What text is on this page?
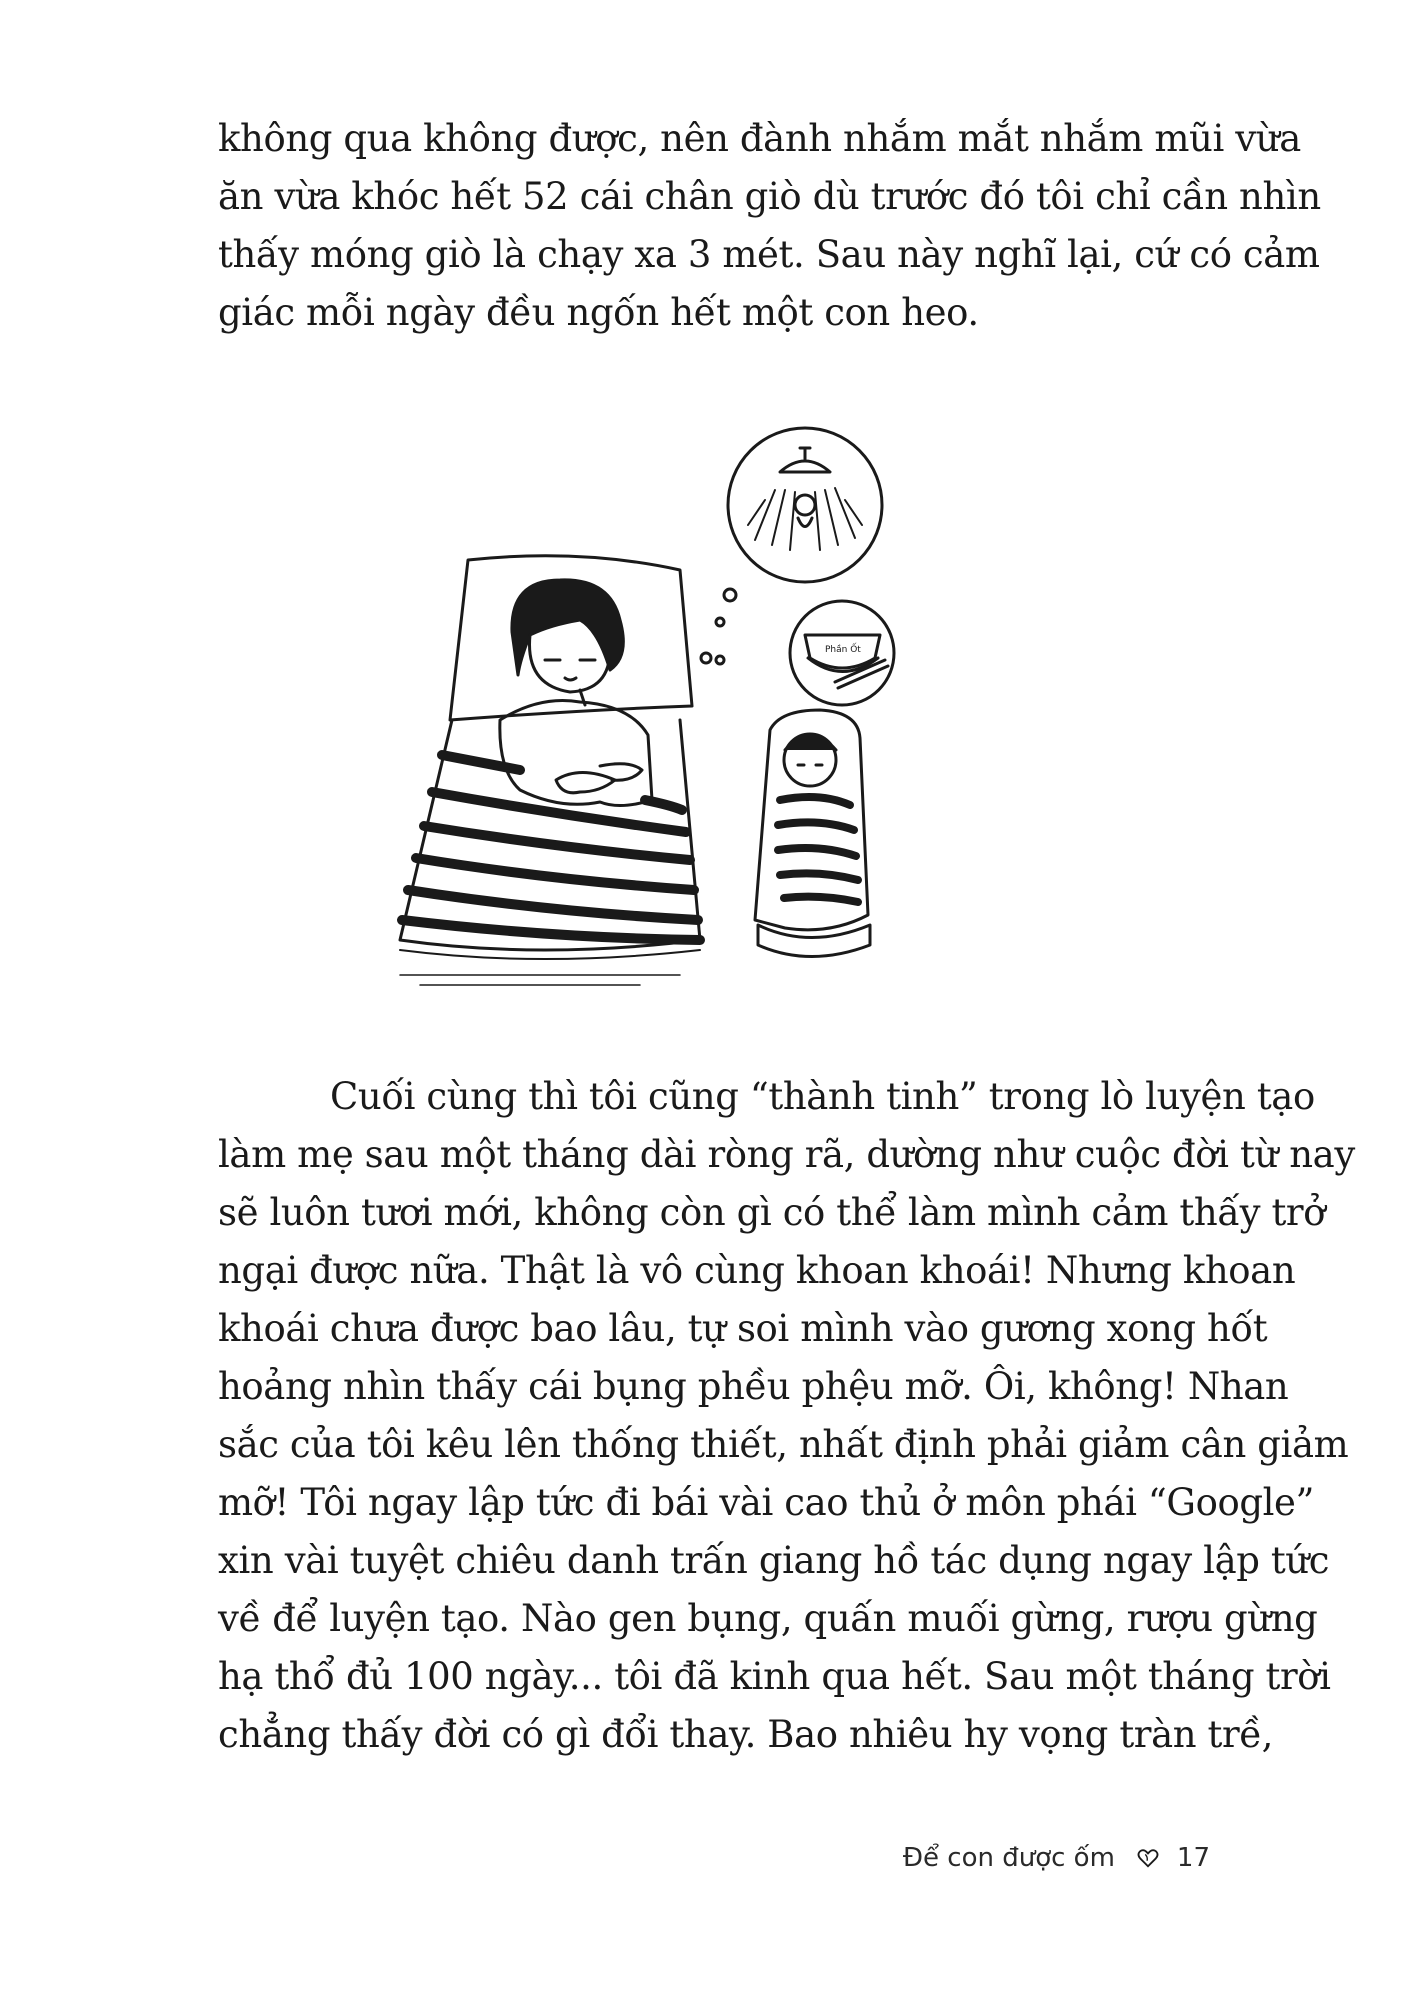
không qua không được, nên đành nhắm mắt nhắm mũi vừa
ăn vừa khóc hết 52 cái chân giò dù trước đó tôi chỉ cần nhìn
thấy móng giò là chạy xa 3 mét. Sau này nghĩ lại, cứ có cảm
giác mỗi ngày đều ngốn hết một con heo.
Phần Ốt
Cuối cùng thì tôi cũng “thành tinh” trong lò luyện tạo
làm mẹ sau một tháng dài ròng rã, dường như cuộc đời từ nay
sẽ luôn tươi mới, không còn gì có thể làm mình cảm thấy trở
ngại được nữa. Thật là vô cùng khoan khoái! Nhưng khoan
khoái chưa được bao lâu, tự soi mình vào gương xong hốt
hoảng nhìn thấy cái bụng phều phệu mỡ. Ôi, không! Nhan
sắc của tôi kêu lên thống thiết, nhất định phải giảm cân giảm
mỡ! Tôi ngay lập tức đi bái vài cao thủ ở môn phái “Google”
xin vài tuyệt chiêu danh trấn giang hồ tác dụng ngay lập tức
về để luyện tạo. Nào gen bụng, quấn muối gừng, rượu gừng
hạ thổ đủ 100 ngày... tôi đã kinh qua hết. Sau một tháng trời
chẳng thấy đời có gì đổi thay. Bao nhiêu hy vọng tràn trề,
Để con được ốm 17
